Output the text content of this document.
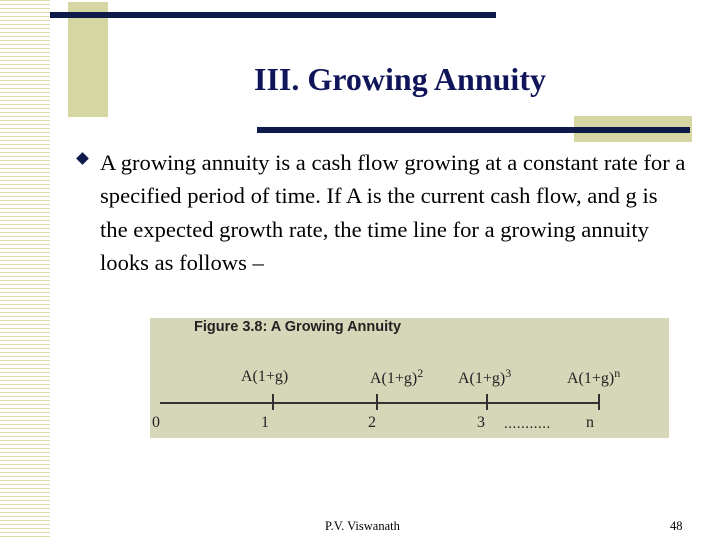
III. Growing Annuity

A growing annuity is a cash flow growing at a constant rate for a specified period of time. If A is the current cash flow, and g is the expected growth rate, the time line for a growing annuity looks as follows –

Figure 3.8: A Growing Annuity
A(1+g)	$A(1+g)^2$ $A(1+g)^3$	$A(1+g)^n$
0	1	2	3 ........... n
P.V. Viswanath	48
